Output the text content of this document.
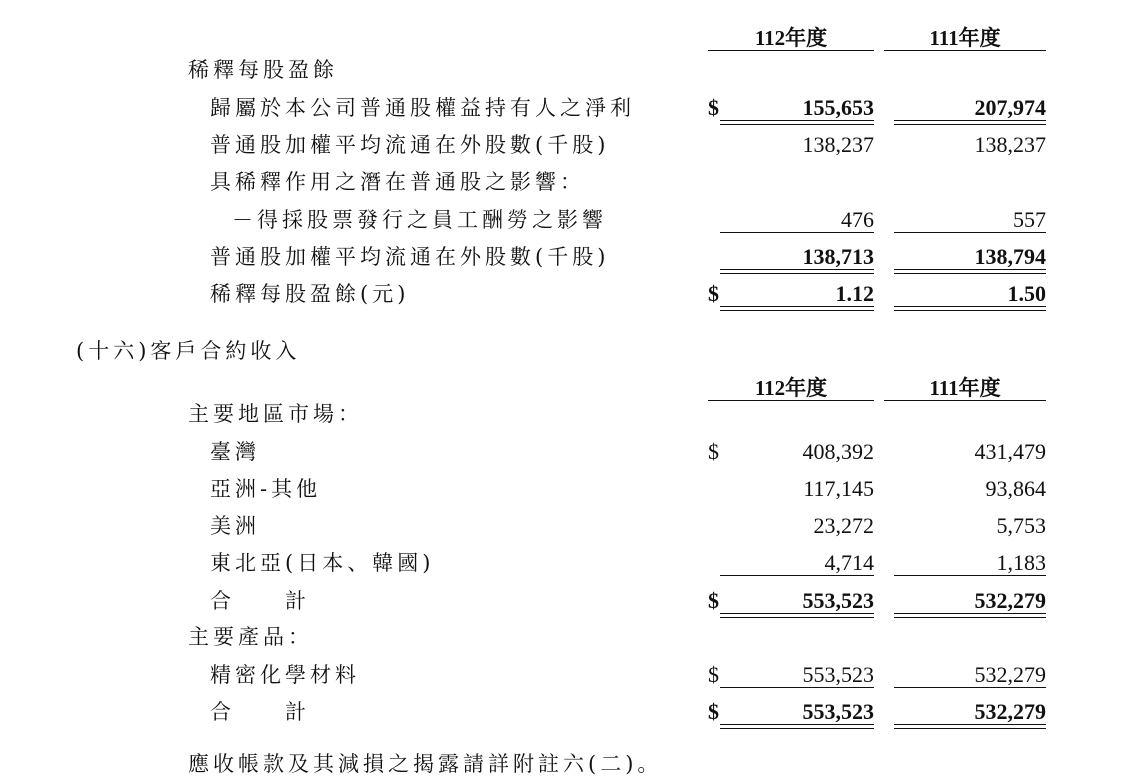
112年度	111年度
稀釋每股盈餘
歸屬於本公司普通股權益持有人之淨利	$	155,653	207,974
普通股加權平均流通在外股數(千股)	138,237	138,237
具稀釋作用之潛在普通股之影響：
－得採股票發行之員工酬勞之影響	476	557
普通股加權平均流通在外股數(千股)	138,713	138,794
稀釋每股盈餘(元)	$	1.12	1.50
(十六)客戶合約收入
112年度	111年度
主要地區市場：
臺灣	$	408,392	431,479
亞洲-其他	117,145	93,864
美洲	23,272	5,753
東北亞(日本、韓國)	4,714	1,183
合　　計	$	553,523	532,279
主要產品：
精密化學材料	$	553,523	532,279
合　　計	$	553,523	532,279
應收帳款及其減損之揭露請詳附註六(二)。
